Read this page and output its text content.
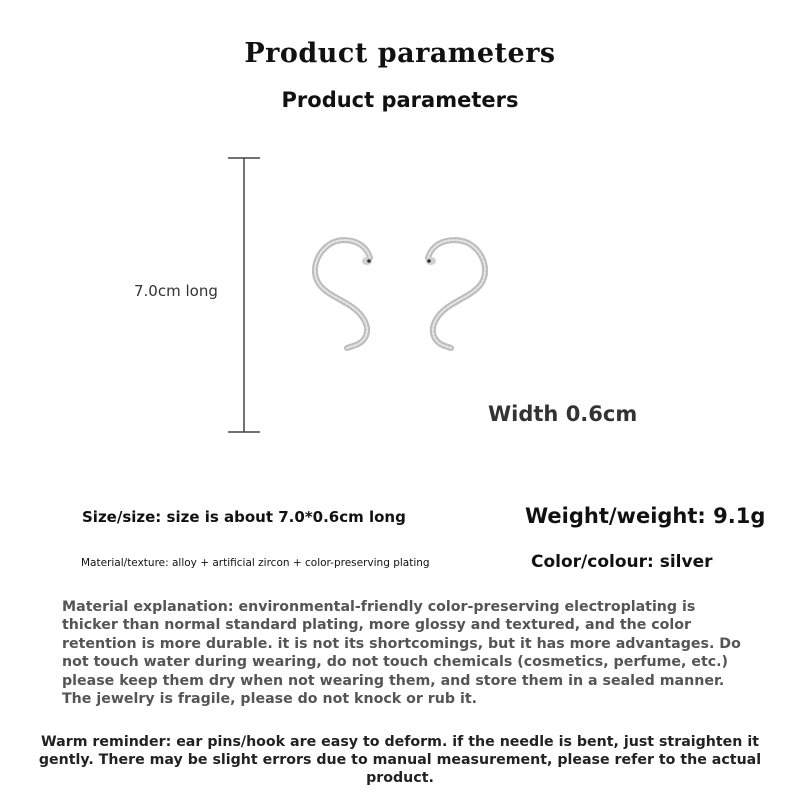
Product parameters
Product parameters
7.0cm long
Width 0.6cm
Size/size: size is about 7.0*0.6cm long	Weight/weight: 9.1g
Material/texture: alloy + artificial zircon + color-preserving plating	Color/colour: silver
Material explanation: environmental-friendly color-preserving electroplating is thicker than normal standard plating, more glossy and textured, and the color retention is more durable. it is not its shortcomings, but it has more advantages. Do not touch water during wearing, do not touch chemicals (cosmetics, perfume, etc.) please keep them dry when not wearing them, and store them in a sealed manner. The jewelry is fragile, please do not knock or rub it.
Warm reminder: ear pins/hook are easy to deform. if the needle is bent, just straighten it gently. There may be slight errors due to manual measurement, please refer to the actual product.
